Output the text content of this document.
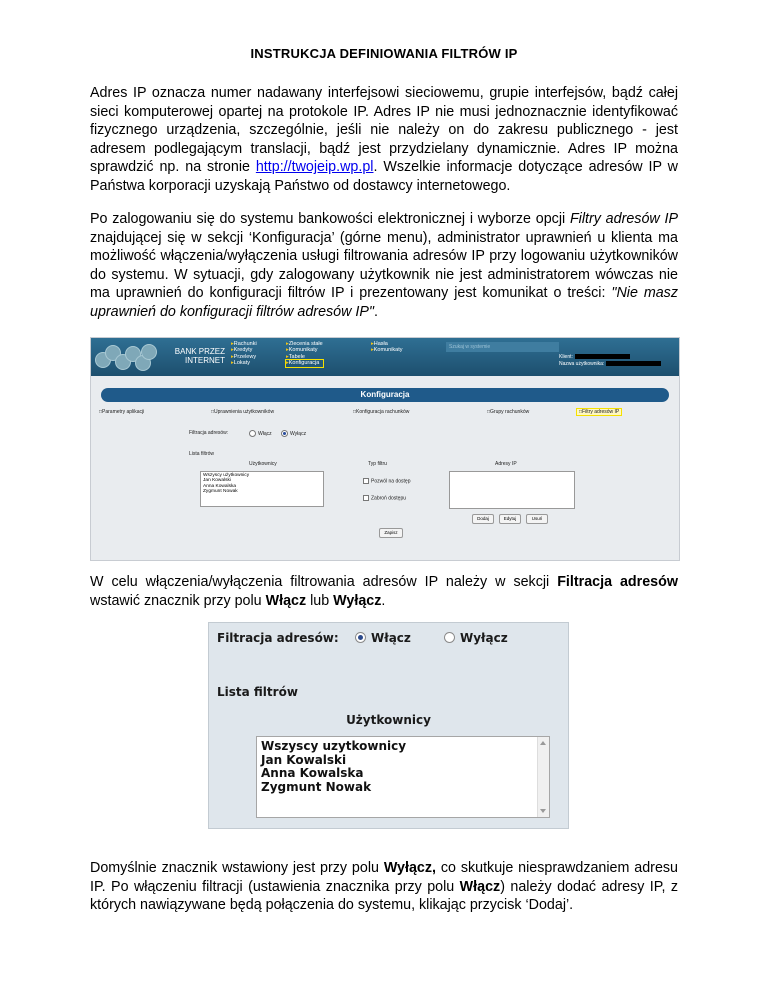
INSTRUKCJA DEFINIOWANIA FILTRÓW IP

Adres IP oznacza numer nadawany interfejsowi sieciowemu, grupie interfejsów, bądź całej sieci komputerowej opartej na protokole IP. Adres IP nie musi jednoznacznie identyfikować fizycznego urządzenia, szczególnie, jeśli nie należy on do zakresu publicznego - jest adresem podlegającym translacji, bądź jest przydzielany dynamicznie. Adres IP można sprawdzić np. na stronie http://twojeip.wp.pl. Wszelkie informacje dotyczące adresów IP w Państwa korporacji uzyskają Państwo od dostawcy internetowego.

Po zalogowaniu się do systemu bankowości elektronicznej i wyborze opcji Filtry adresów IP znajdującej się w sekcji ‘Konfiguracja’ (górne menu), administrator uprawnień u klienta ma możliwość włączenia/wyłączenia usługi filtrowania adresów IP przy logowaniu użytkowników do systemu. W sytuacji, gdy zalogowany użytkownik nie jest administratorem wówczas nie ma uprawnień do konfiguracji filtrów IP i prezentowany jest komunikat o treści: "Nie masz uprawnień do konfiguracji filtrów adresów IP".

BANK PRZEZ
INTERNET
▸ Rachunki
▸ Kredyty
▸ Przelewy
▸ Lokaty
▸ Zlecenia stałe
▸ Komunikaty
▸ Tabele
▸ Konfiguracja
▸ Hasła
▸ Komunikaty
Szukaj w systemie
Klient:
Nazwa użytkownika:
Konfiguracja
□ Parametry aplikacji	□ Uprawnienia użytkowników	□ Konfiguracja rachunków	□ Grupy rachunków	□ Filtry adresów IP
Filtracja adresów:	Włącz	Wyłącz
Lista filtrów
Użytkownicy	Typ filtru	Adresy IP
Wszyscy użytkownicy
Jan Kowalski
Anna Kowalska
Zygmunt Nowak
Pozwól na dostęp
Zabroń dostępu
Dodaj	Edytuj	Usuń
Zapisz

W celu włączenia/wyłączenia filtrowania adresów IP należy w sekcji Filtracja adresów wstawić znacznik przy polu Włącz lub Wyłącz.

Filtracja adresów:	Włącz	Wyłącz
Lista filtrów
Użytkownicy
Wszyscy uzytkownicy
Jan Kowalski
Anna Kowalska
Zygmunt Nowak

Domyślnie znacznik wstawiony jest przy polu Wyłącz, co skutkuje niesprawdzaniem adresu IP. Po włączeniu filtracji (ustawienia znacznika przy polu Włącz) należy dodać adresy IP, z których nawiązywane będą połączenia do systemu, klikając przycisk ‘Dodaj’.
